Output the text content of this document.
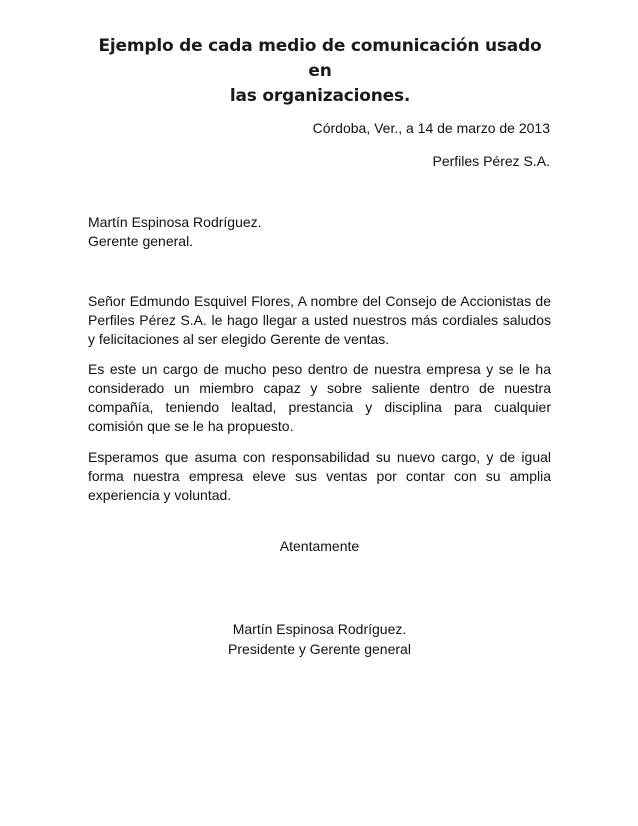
Ejemplo de cada medio de comunicación usado en
las organizaciones.
Córdoba, Ver., a 14 de marzo de 2013
Perfiles Pérez S.A.
Martín Espinosa Rodríguez.
Gerente general.
Señor Edmundo Esquivel Flores, A nombre del Consejo de Accionistas de Perfiles Pérez S.A. le hago llegar a usted nuestros más cordiales saludos y felicitaciones al ser elegido Gerente de ventas.
Es este un cargo de mucho peso dentro de nuestra empresa y se le ha considerado un miembro capaz y sobre saliente dentro de nuestra compañía, teniendo lealtad, prestancia y disciplina para cualquier comisión que se le ha propuesto.
Esperamos que asuma con responsabilidad su nuevo cargo, y de igual forma nuestra empresa eleve sus ventas por contar con su amplia experiencia y voluntad.
Atentamente
Martín Espinosa Rodríguez.
Presidente y Gerente general
